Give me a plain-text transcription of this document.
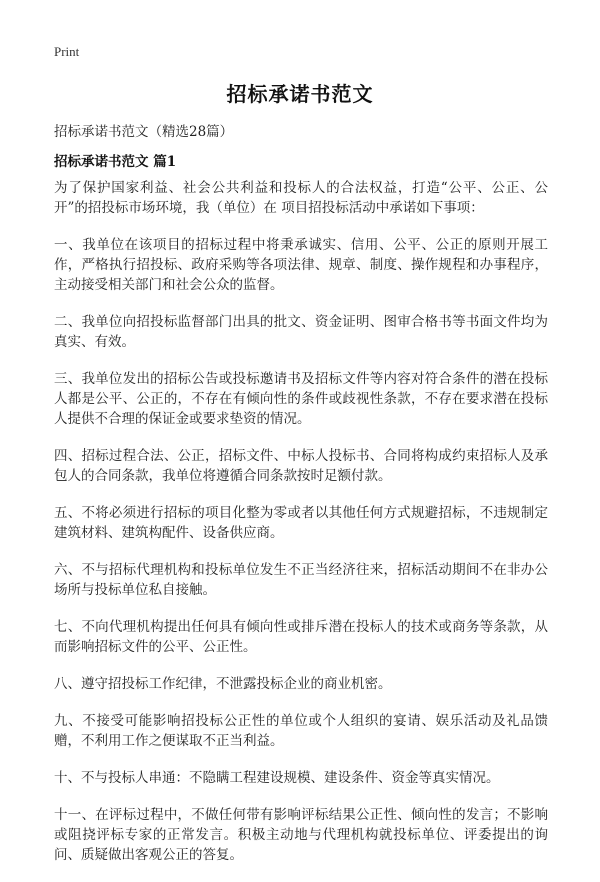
Print
招标承诺书范文
招标承诺书范文（精选28篇）
招标承诺书范文 篇1

为了保护国家利益、社会公共利益和投标人的合法权益，打造“公平、公正、公开”的招投标市场环境，我（单位）在 项目招投标活动中承诺如下事项：

一、我单位在该项目的招标过程中将秉承诚实、信用、公平、公正的原则开展工作，严格执行招投标、政府采购等各项法律、规章、制度、操作规程和办事程序，主动接受相关部门和社会公众的监督。

二、我单位向招投标监督部门出具的批文、资金证明、图审合格书等书面文件均为真实、有效。

三、我单位发出的招标公告或投标邀请书及招标文件等内容对符合条件的潜在投标人都是公平、公正的，不存在有倾向性的条件或歧视性条款，不存在要求潜在投标人提供不合理的保证金或要求垫资的情况。

四、招标过程合法、公正，招标文件、中标人投标书、合同将构成约束招标人及承包人的合同条款，我单位将遵循合同条款按时足额付款。

五、不将必须进行招标的项目化整为零或者以其他任何方式规避招标，不违规制定建筑材料、建筑构配件、设备供应商。

六、不与招标代理机构和投标单位发生不正当经济往来，招标活动期间不在非办公场所与投标单位私自接触。

七、不向代理机构提出任何具有倾向性或排斥潜在投标人的技术或商务等条款，从而影响招标文件的公平、公正性。

八、遵守招投标工作纪律，不泄露投标企业的商业机密。

九、不接受可能影响招投标公正性的单位或个人组织的宴请、娱乐活动及礼品馈赠，不利用工作之便谋取不正当利益。

十、不与投标人串通：不隐瞒工程建设规模、建设条件、资金等真实情况。

十一、在评标过程中，不做任何带有影响评标结果公正性、倾向性的发言；不影响或阻挠评标专家的正常发言。积极主动地与代理机构就投标单位、评委提出的询问、质疑做出客观公正的答复。
